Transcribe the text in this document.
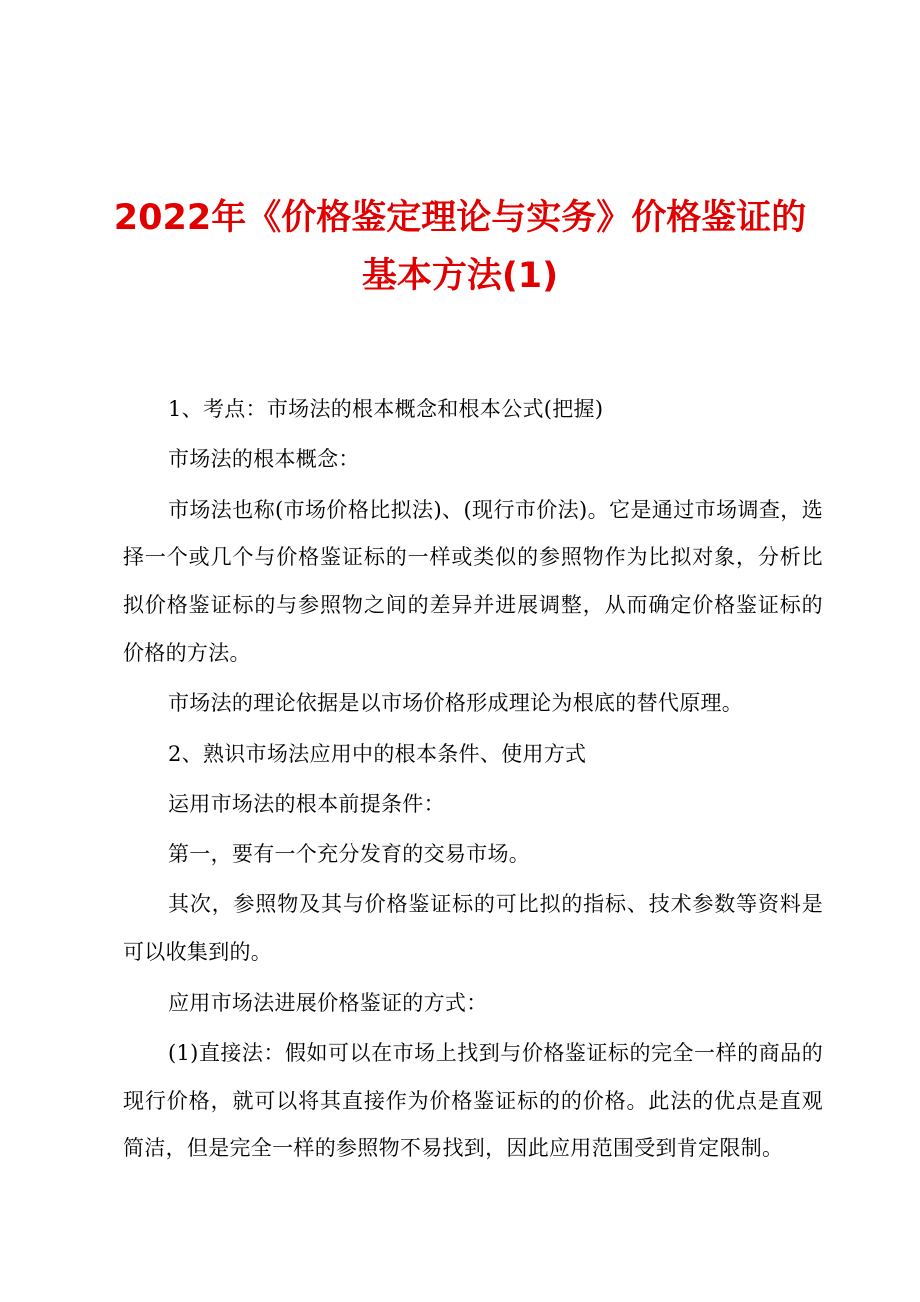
2022年《价格鉴定理论与实务》价格鉴证的基本方法(1)

1、考点：市场法的根本概念和根本公式(把握)

市场法的根本概念：

市场法也称(市场价格比拟法)、(现行市价法)。它是通过市场调查，选择一个或几个与价格鉴证标的一样或类似的参照物作为比拟对象，分析比拟价格鉴证标的与参照物之间的差异并进展调整，从而确定价格鉴证标的价格的方法。

市场法的理论依据是以市场价格形成理论为根底的替代原理。

2、熟识市场法应用中的根本条件、使用方式

运用市场法的根本前提条件：

第一，要有一个充分发育的交易市场。

其次，参照物及其与价格鉴证标的可比拟的指标、技术参数等资料是可以收集到的。

应用市场法进展价格鉴证的方式：

(1)直接法：假如可以在市场上找到与价格鉴证标的完全一样的商品的现行价格，就可以将其直接作为价格鉴证标的的价格。此法的优点是直观简洁，但是完全一样的参照物不易找到，因此应用范围受到肯定限制。
